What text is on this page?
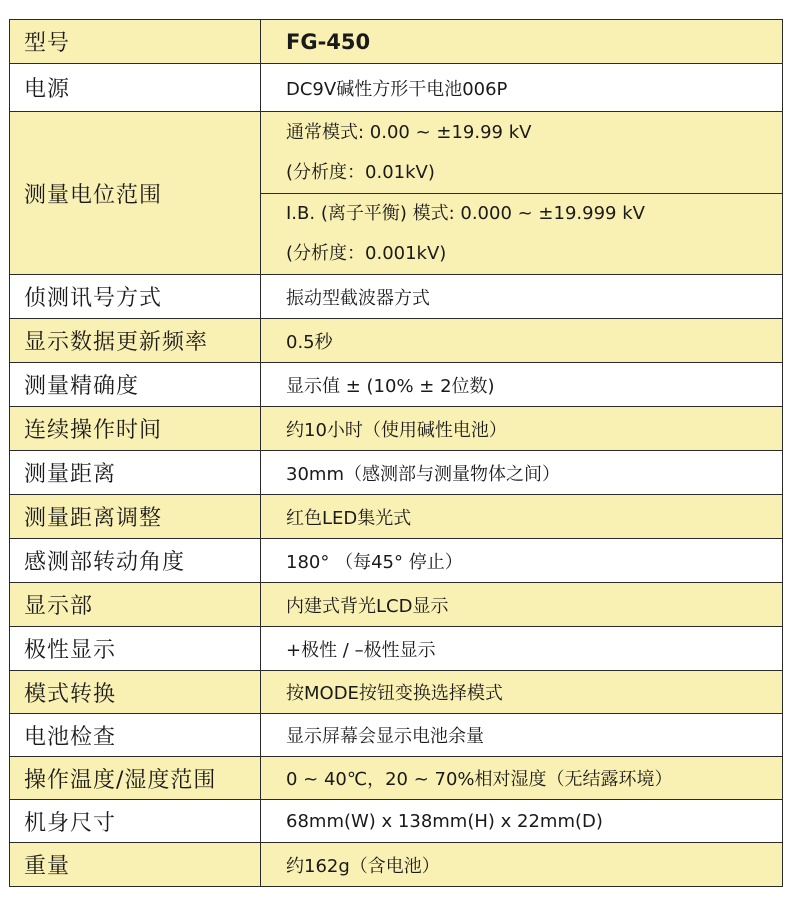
型号	FG-450
电源	DC9V碱性方形干电池006P
测量电位范围	通常模式: 0.00 ~ ±19.99 kV
(分析度：0.01kV)
I.B. (离子平衡) 模式: 0.000 ~ ±19.999 kV
(分析度：0.001kV)

侦测讯号方式	振动型截波器方式
显示数据更新频率	0.5秒
测量精确度	显示值 ± (10% ± 2位数)
连续操作时间	约10小时（使用碱性电池）
测量距离	30mm（感测部与测量物体之间）
测量距离调整	红色LED集光式
感测部转动角度	180° （每45° 停止）
显示部	内建式背光LCD显示
极性显示	+极性 / –极性显示
模式转换	按MODE按钮变换选择模式
电池检查	显示屏幕会显示电池余量
操作温度/湿度范围	0 ~ 40℃，20 ~ 70%相对湿度（无结露环境）
机身尺寸	68mm(W) x 138mm(H) x 22mm(D)
重量	约162g（含电池）
